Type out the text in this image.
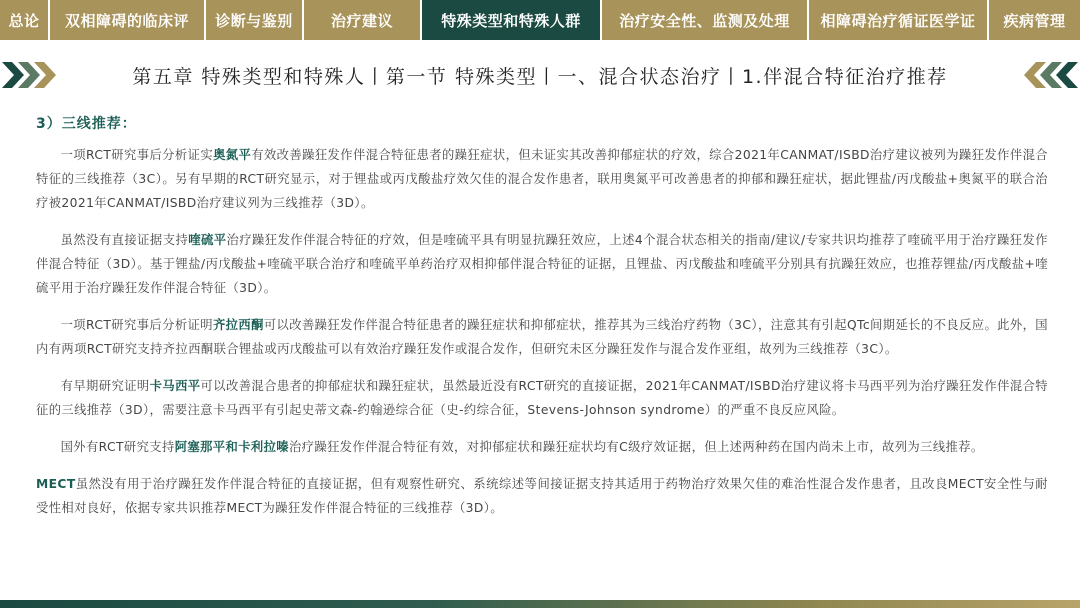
总论	双相障碍的临床评	诊断与鉴别	治疗建议	特殊类型和特殊人群	治疗安全性、监测及处理	相障碍治疗循证医学证	疾病管理
第五章 特殊类型和特殊人丨第一节 特殊类型丨一、混合状态治疗丨1.伴混合特征治疗推荐
3）三线推荐：

一项RCT研究事后分析证实奥氮平有效改善躁狂发作伴混合特征患者的躁狂症状，但未证实其改善抑郁症状的疗效，综合2021年CANMAT/ISBD治疗建议被列为躁狂发作伴混合特征的三线推荐（3C）。另有早期的RCT研究显示，对于锂盐或丙戊酸盐疗效欠佳的混合发作患者，联用奥氮平可改善患者的抑郁和躁狂症状，据此锂盐/丙戊酸盐+奥氮平的联合治疗被2021年CANMAT/ISBD治疗建议列为三线推荐（3D）。

虽然没有直接证据支持喹硫平治疗躁狂发作伴混合特征的疗效，但是喹硫平具有明显抗躁狂效应，上述4个混合状态相关的指南/建议/专家共识均推荐了喹硫平用于治疗躁狂发作伴混合特征（3D）。基于锂盐/丙戊酸盐+喹硫平联合治疗和喹硫平单药治疗双相抑郁伴混合特征的证据，且锂盐、丙戊酸盐和喹硫平分别具有抗躁狂效应，也推荐锂盐/丙戊酸盐+喹硫平用于治疗躁狂发作伴混合特征（3D）。

一项RCT研究事后分析证明齐拉西酮可以改善躁狂发作伴混合特征患者的躁狂症状和抑郁症状，推荐其为三线治疗药物（3C），注意其有引起QTc间期延长的不良反应。此外，国内有两项RCT研究支持齐拉西酮联合锂盐或丙戊酸盐可以有效治疗躁狂发作或混合发作，但研究未区分躁狂发作与混合发作亚组，故列为三线推荐（3C）。

有早期研究证明卡马西平可以改善混合患者的抑郁症状和躁狂症状，虽然最近没有RCT研究的直接证据，2021年CANMAT/ISBD治疗建议将卡马西平列为治疗躁狂发作伴混合特征的三线推荐（3D），需要注意卡马西平有引起史蒂文森-约翰逊综合征（史-约综合征，Stevens-Johnson syndrome）的严重不良反应风险。

国外有RCT研究支持阿塞那平和卡利拉嗪治疗躁狂发作伴混合特征有效，对抑郁症状和躁狂症状均有C级疗效证据，但上述两种药在国内尚未上市，故列为三线推荐。

MECT虽然没有用于治疗躁狂发作伴混合特征的直接证据，但有观察性研究、系统综述等间接证据支持其适用于药物治疗效果欠佳的难治性混合发作患者，且改良MECT安全性与耐受性相对良好，依据专家共识推荐MECT为躁狂发作伴混合特征的三线推荐（3D）。
